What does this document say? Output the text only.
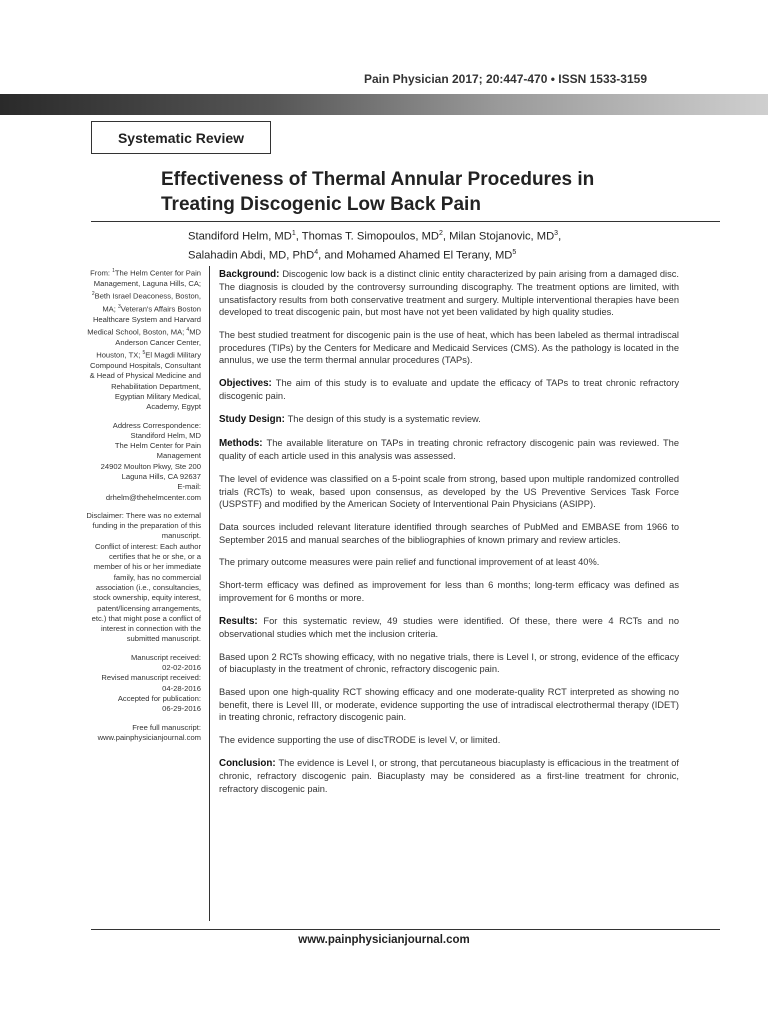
Pain Physician 2017; 20:447-470 • ISSN 1533-3159
Systematic Review
Effectiveness of Thermal Annular Procedures in
Treating Discogenic Low Back Pain
Standiford Helm, $MD^1$, Thomas T. Simopoulos, $MD^2$, Milan Stojanovic, $MD^3$,
Salahadin Abdi, MD, PhD$^4$, and Mohamed Ahamed El Terany, $MD^5$

From: $^1$The Helm Center for Pain Management, Laguna Hills, CA; $^2$Beth Israel Deaconess, Boston, MA; $^3$Veteran's Affairs Boston Healthcare System and Harvard Medical School, Boston, MA; $^4$MD Anderson Cancer Center, Houston, TX; $^5$El Magdi Military Compound Hospitals, Consultant & Head of Physical Medicine and Rehabilitation Department, Egyptian Military Medical, Academy, Egypt

Address Correspondence:
Standiford Helm, MD
The Helm Center for Pain Management
24902 Moulton Pkwy, Ste 200
Laguna Hills, CA 92637
E-mail:
drhelm@thehelmcenter.com

Disclaimer: There was no external funding in the preparation of this manuscript.
Conflict of interest: Each author certifies that he or she, or a member of his or her immediate family, has no commercial association (i.e., consultancies, stock ownership, equity interest, patent/licensing arrangements, etc.) that might pose a conflict of interest in connection with the submitted manuscript.

Manuscript received:
02-02-2016
Revised manuscript received:
04-28-2016
Accepted for publication:
06-29-2016

Free full manuscript:
www.painphysicianjournal.com

Background: Discogenic low back is a distinct clinic entity characterized by pain arising from a damaged disc. The diagnosis is clouded by the controversy surrounding discography. The treatment options are limited, with unsatisfactory results from both conservative treatment and surgery. Multiple interventional therapies have been developed to treat discogenic pain, but most have not yet been validated by high quality studies.

The best studied treatment for discogenic pain is the use of heat, which has been labeled as thermal intradiscal procedures (TIPs) by the Centers for Medicare and Medicaid Services (CMS). As the pathology is located in the annulus, we use the term thermal annular procedures (TAPs).

Objectives: The aim of this study is to evaluate and update the efficacy of TAPs to treat chronic refractory discogenic pain.

Study Design: The design of this study is a systematic review.

Methods: The available literature on TAPs in treating chronic refractory discogenic pain was reviewed. The quality of each article used in this analysis was assessed.

The level of evidence was classified on a 5-point scale from strong, based upon multiple randomized controlled trials (RCTs) to weak, based upon consensus, as developed by the US Preventive Services Task Force (USPSTF) and modified by the American Society of Interventional Pain Physicians (ASIPP).

Data sources included relevant literature identified through searches of PubMed and EMBASE from 1966 to September 2015 and manual searches of the bibliographies of known primary and review articles.

The primary outcome measures were pain relief and functional improvement of at least 40%.

Short-term efficacy was defined as improvement for less than 6 months; long-term efficacy was defined as improvement for 6 months or more.

Results: For this systematic review, 49 studies were identified. Of these, there were 4 RCTs and no observational studies which met the inclusion criteria.

Based upon 2 RCTs showing efficacy, with no negative trials, there is Level I, or strong, evidence of the efficacy of biacuplasty in the treatment of chronic, refractory discogenic pain.

Based upon one high-quality RCT showing efficacy and one moderate-quality RCT interpreted as showing no benefit, there is Level III, or moderate, evidence supporting the use of intradiscal electrothermal therapy (IDET) in treating chronic, refractory discogenic pain.

The evidence supporting the use of discTRODE is level V, or limited.

Conclusion: The evidence is Level I, or strong, that percutaneous biacuplasty is efficacious in the treatment of chronic, refractory discogenic pain. Biacuplasty may be considered as a first-line treatment for chronic, refractory discogenic pain.

www.painphysicianjournal.com
